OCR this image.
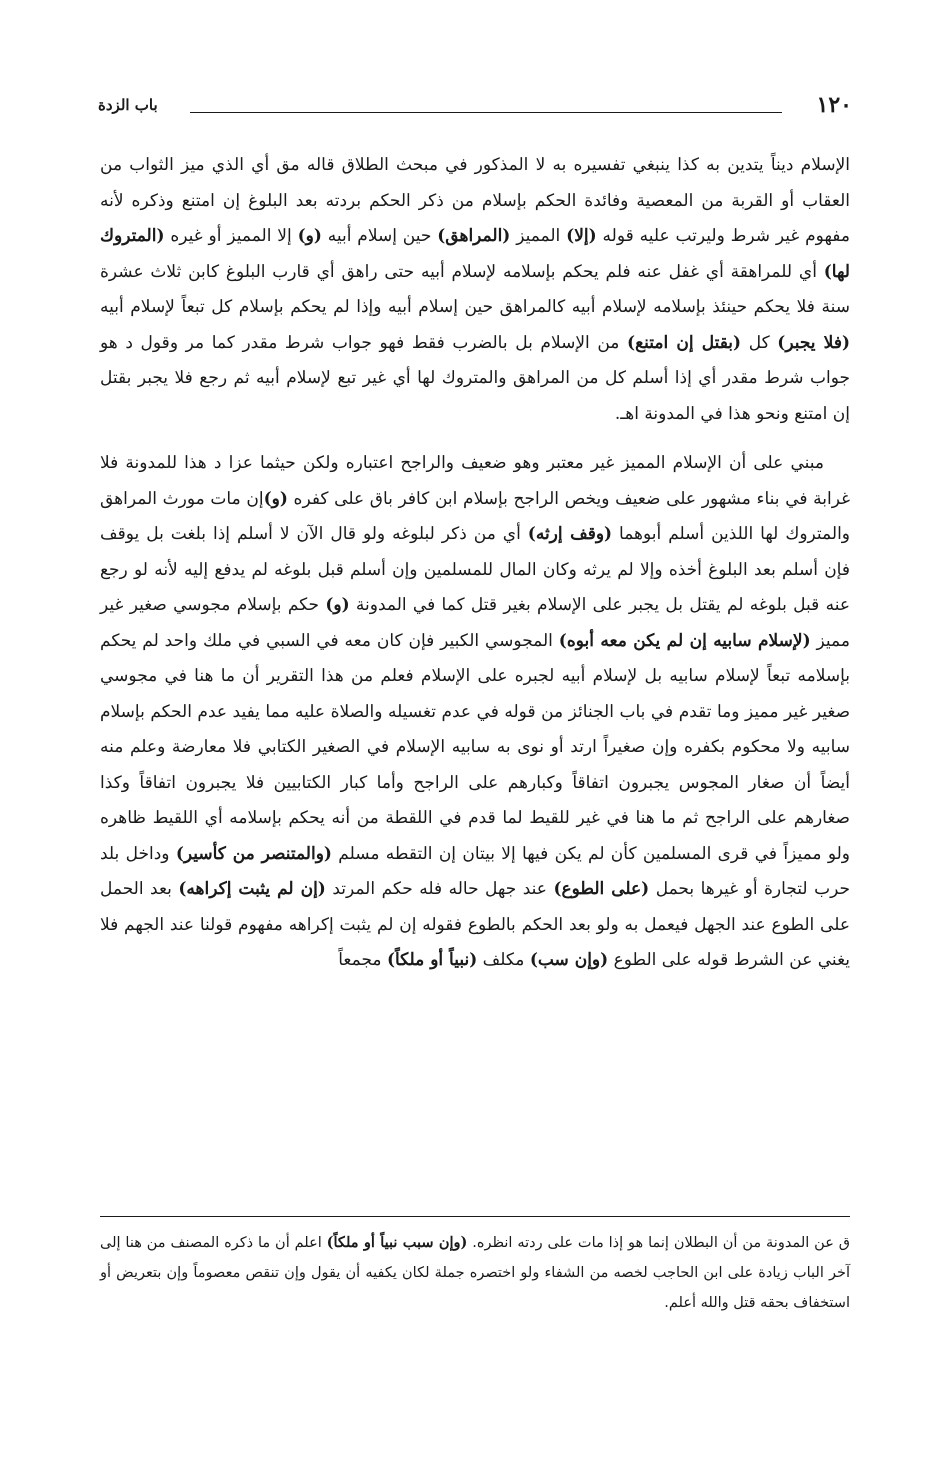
١٢٠
باب الزدة

الإسلام ديناً يتدين به كذا ينبغي تفسيره به لا المذكور في مبحث الطلاق قاله مق أي الذي ميز الثواب من العقاب أو القربة من المعصية وفائدة الحكم بإسلام من ذكر الحكم بردته بعد البلوغ إن امتنع وذكره لأنه مفهوم غير شرط وليرتب عليه قوله (إلا) المميز (المراهق) حين إسلام أبيه (و) إلا المميز أو غيره (المتروك لها) أي للمراهقة أي غفل عنه فلم يحكم بإسلامه لإسلام أبيه حتى راهق أي قارب البلوغ كابن ثلاث عشرة سنة فلا يحكم حينئذ بإسلامه لإسلام أبيه كالمراهق حين إسلام أبيه وإذا لم يحكم بإسلام كل تبعاً لإسلام أبيه (فلا يجبر) كل (بقتل إن امتنع) من الإسلام بل بالضرب فقط فهو جواب شرط مقدر كما مر وقول د هو جواب شرط مقدر أي إذا أسلم كل من المراهق والمتروك لها أي غير تبع لإسلام أبيه ثم رجع فلا يجبر بقتل إن امتنع ونحو هذا في المدونة اهـ.

مبني على أن الإسلام المميز غير معتبر وهو ضعيف والراجح اعتباره ولكن حيثما عزا د هذا للمدونة فلا غرابة في بناء مشهور على ضعيف ويخص الراجح بإسلام ابن كافر باق على كفره (و)إن مات مورث المراهق والمتروك لها اللذين أسلم أبوهما (وقف إرثه) أي من ذكر لبلوغه ولو قال الآن لا أسلم إذا بلغت بل يوقف فإن أسلم بعد البلوغ أخذه وإلا لم يرثه وكان المال للمسلمين وإن أسلم قبل بلوغه لم يدفع إليه لأنه لو رجع عنه قبل بلوغه لم يقتل بل يجبر على الإسلام بغير قتل كما في المدونة (و) حكم بإسلام مجوسي صغير غير مميز (لإسلام سابيه إن لم يكن معه أبوه) المجوسي الكبير فإن كان معه في السبي في ملك واحد لم يحكم بإسلامه تبعاً لإسلام سابيه بل لإسلام أبيه لجبره على الإسلام فعلم من هذا التقرير أن ما هنا في مجوسي صغير غير مميز وما تقدم في باب الجنائز من قوله في عدم تغسيله والصلاة عليه مما يفيد عدم الحكم بإسلام سابيه ولا محكوم بكفره وإن صغيراً ارتد أو نوى به سابيه الإسلام في الصغير الكتابي فلا معارضة وعلم منه أيضاً أن صغار المجوس يجبرون اتفاقاً وكبارهم على الراجح وأما كبار الكتابيين فلا يجبرون اتفاقاً وكذا صغارهم على الراجح ثم ما هنا في غير للقيط لما قدم في اللقطة من أنه يحكم بإسلامه أي اللقيط ظاهره ولو مميزاً في قرى المسلمين كأن لم يكن فيها إلا بيتان إن التقطه مسلم (والمتنصر من كأسير) وداخل بلد حرب لتجارة أو غيرها بحمل (على الطوع) عند جهل حاله فله حكم المرتد (إن لم يثبت إكراهه) بعد الحمل على الطوع عند الجهل فيعمل به ولو بعد الحكم بالطوع فقوله إن لم يثبت إكراهه مفهوم قولنا عند الجهم فلا يغني عن الشرط قوله على الطوع (وإن سب) مكلف (نبياً أو ملكاً) مجمعاً

ق عن المدونة من أن البطلان إنما هو إذا مات على ردته انظره. (وإن سبب نبياً أو ملكاً) اعلم أن ما ذكره المصنف من هنا إلى آخر الباب زيادة على ابن الحاجب لخصه من الشفاء ولو اختصره جملة لكان يكفيه أن يقول وإن تنقص معصوماً وإن بتعريض أو استخفاف بحقه قتل والله أعلم.
